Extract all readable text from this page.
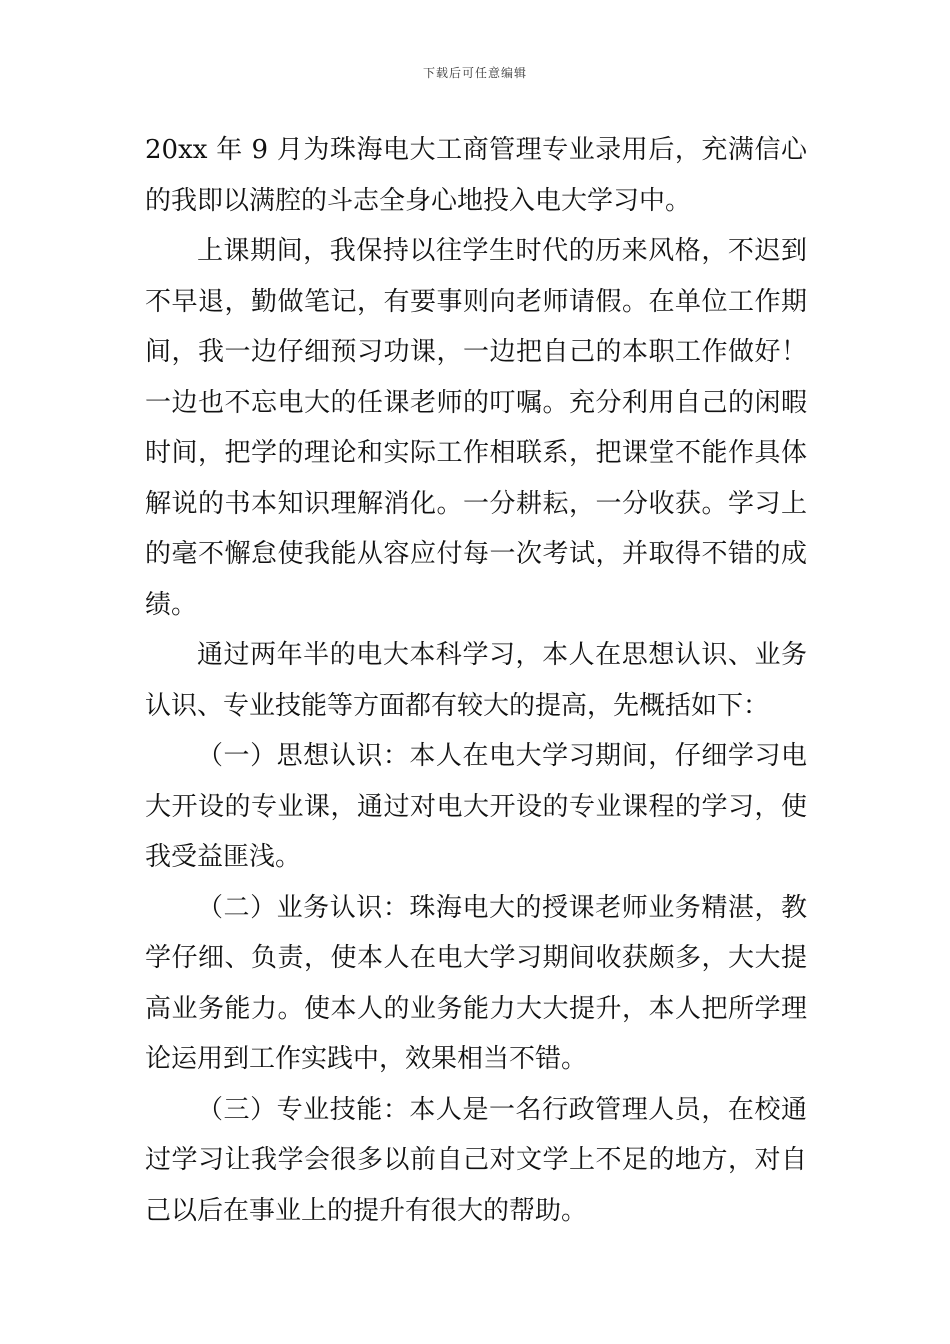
下载后可任意编辑

20xx 年 9 月为珠海电大工商管理专业录用后，充满信心的我即以满腔的斗志全身心地投入电大学习中。

上课期间，我保持以往学生时代的历来风格，不迟到不早退，勤做笔记，有要事则向老师请假。在单位工作期间，我一边仔细预习功课，一边把自己的本职工作做好！一边也不忘电大的任课老师的叮嘱。充分利用自己的闲暇时间，把学的理论和实际工作相联系，把课堂不能作具体解说的书本知识理解消化。一分耕耘，一分收获。学习上的毫不懈怠使我能从容应付每一次考试，并取得不错的成绩。

通过两年半的电大本科学习，本人在思想认识、业务认识、专业技能等方面都有较大的提高，先概括如下：

（一）思想认识：本人在电大学习期间，仔细学习电大开设的专业课，通过对电大开设的专业课程的学习，使我受益匪浅。

（二）业务认识：珠海电大的授课老师业务精湛，教学仔细、负责，使本人在电大学习期间收获颇多，大大提高业务能力。使本人的业务能力大大提升，本人把所学理论运用到工作实践中，效果相当不错。

（三）专业技能：本人是一名行政管理人员，在校通过学习让我学会很多以前自己对文学上不足的地方，对自己以后在事业上的提升有很大的帮助。
